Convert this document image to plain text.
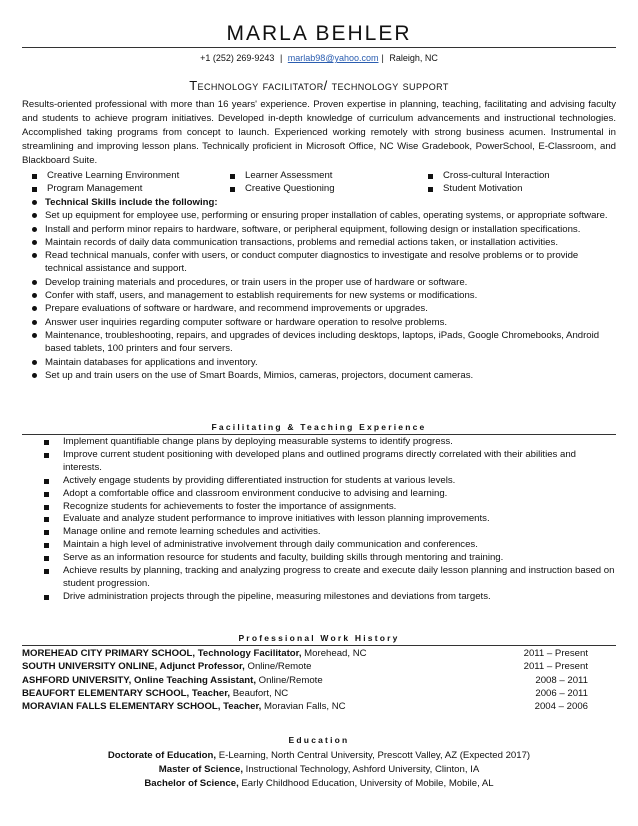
MARLA BEHLER
+1 (252) 269-9243 | marlab98@yahoo.com | Raleigh, NC
Technology facilitator/ technology support
Results-oriented professional with more than 16 years' experience. Proven expertise in planning, teaching, facilitating and advising faculty and students to achieve program initiatives. Developed in-depth knowledge of curriculum advancements and instructional technologies. Accomplished taking programs from concept to launch. Experienced working remotely with strong business acumen. Instrumental in streamlining and improving lesson plans. Technically proficient in Microsoft Office, NC Wise Gradebook, PowerSchool, E-Classroom, and Blackboard Suite.
Creative Learning Environment	Learner Assessment	Cross-cultural Interaction
Program Management	Creative Questioning	Student Motivation
Technical Skills include the following:
Set up equipment for employee use, performing or ensuring proper installation of cables, operating systems, or appropriate software.
Install and perform minor repairs to hardware, software, or peripheral equipment, following design or installation specifications.
Maintain records of daily data communication transactions, problems and remedial actions taken, or installation activities.
Read technical manuals, confer with users, or conduct computer diagnostics to investigate and resolve problems or to provide technical assistance and support.
Develop training materials and procedures, or train users in the proper use of hardware or software.
Confer with staff, users, and management to establish requirements for new systems or modifications.
Prepare evaluations of software or hardware, and recommend improvements or upgrades.
Answer user inquiries regarding computer software or hardware operation to resolve problems.
Maintenance, troubleshooting, repairs, and upgrades of devices including desktops, laptops, iPads, Google Chromebooks, Android based tablets, 100 printers and four servers.
Maintain databases for applications and inventory.
Set up and train users on the use of Smart Boards, Mimios, cameras, projectors, document cameras.
Facilitating & Teaching Experience
Implement quantifiable change plans by deploying measurable systems to identify progress.
Improve current student positioning with developed plans and outlined programs directly correlated with their abilities and interests.
Actively engage students by providing differentiated instruction for students at various levels.
Adopt a comfortable office and classroom environment conducive to advising and learning.
Recognize students for achievements to foster the importance of assignments.
Evaluate and analyze student performance to improve initiatives with lesson planning improvements.
Manage online and remote learning schedules and activities.
Maintain a high level of administrative involvement through daily communication and conferences.
Serve as an information resource for students and faculty, building skills through mentoring and training.
Achieve results by planning, tracking and analyzing progress to create and execute daily lesson planning and instruction based on student progression.
Drive administration projects through the pipeline, measuring milestones and deviations from targets.
Professional Work History
MOREHEAD CITY PRIMARY SCHOOL, Technology Facilitator, Morehead, NC	2011 – Present
SOUTH UNIVERSITY ONLINE, Adjunct Professor, Online/Remote	2011 – Present
ASHFORD UNIVERSITY, Online Teaching Assistant, Online/Remote	2008 – 2011
BEAUFORT ELEMENTARY SCHOOL, Teacher, Beaufort, NC	2006 – 2011
MORAVIAN FALLS ELEMENTARY SCHOOL, Teacher, Moravian Falls, NC	2004 – 2006
Education
Doctorate of Education, E-Learning, North Central University, Prescott Valley, AZ (Expected 2017)
Master of Science, Instructional Technology, Ashford University, Clinton, IA
Bachelor of Science, Early Childhood Education, University of Mobile, Mobile, AL
